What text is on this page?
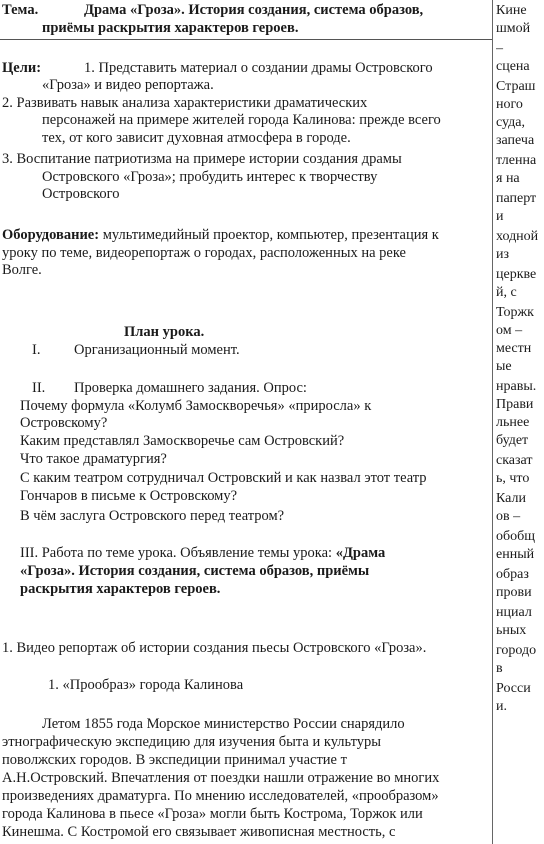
Тема.	Драма «Гроза». История создания, система образов,
приёмы раскрытия характеров героев.
Цели:	1. Представить материал о создании драмы Островского
«Гроза» и видео репортажа.
2. Развивать навык анализа характеристики драматических
персонажей на примере жителей города Калинова: прежде всего
тех, от кого зависит духовная атмосфера в городе.
3. Воспитание патриотизма на примере истории создания драмы
Островского «Гроза»; пробудить интерес к творчеству
Островского
Оборудование: мультимедийный проектор, компьютер, презентация к
уроку по теме, видеорепортаж о городах, расположенных на реке
Волге.
План урока.
I. Организационный момент.
II. Проверка домашнего задания. Опрос:
Почему формула «Колумб Замоскворечья» «приросла» к
Островскому?
Каким представлял Замоскворечье сам Островский?
Что такое драматургия?
С каким театром сотрудничал Островский и как назвал этот театр
Гончаров в письме к Островскому?
В чём заслуга Островского перед театром?
III. Работа по теме урока. Объявление темы урока: «Драма
«Гроза». История создания, система образов, приёмы
раскрытия характеров героев.
1. Видео репортаж об истории создания пьесы Островского «Гроза».
1. «Прообраз» города Калинова
Летом 1855 года Морское министерство России снарядило
этнографическую экспедицию для изучения быта и культуры
поволжских городов. В экспедиции принимал участие т
А.Н.Островский. Впечатления от поездки нашли отражение во многих
произведениях драматурга. По мнению исследователей, «прообразом»
города Калинова в пьесе «Гроза» могли быть Кострома, Торжок или
Кинешма. С Костромой его связывает живописная местность, с
Кине
шмой
–
сцена
Страш
ного
суда,
запеча
тленна
я на
паперт
и
ходной
из
церкве
й, с
Торжк
ом –
местн
ые
нравы.
Прави
льнее
будет
сказат
ь, что
Кали
ов –
обобщ
енный
образ
прови
нциал
ьных
городо
в
Росси
и.
